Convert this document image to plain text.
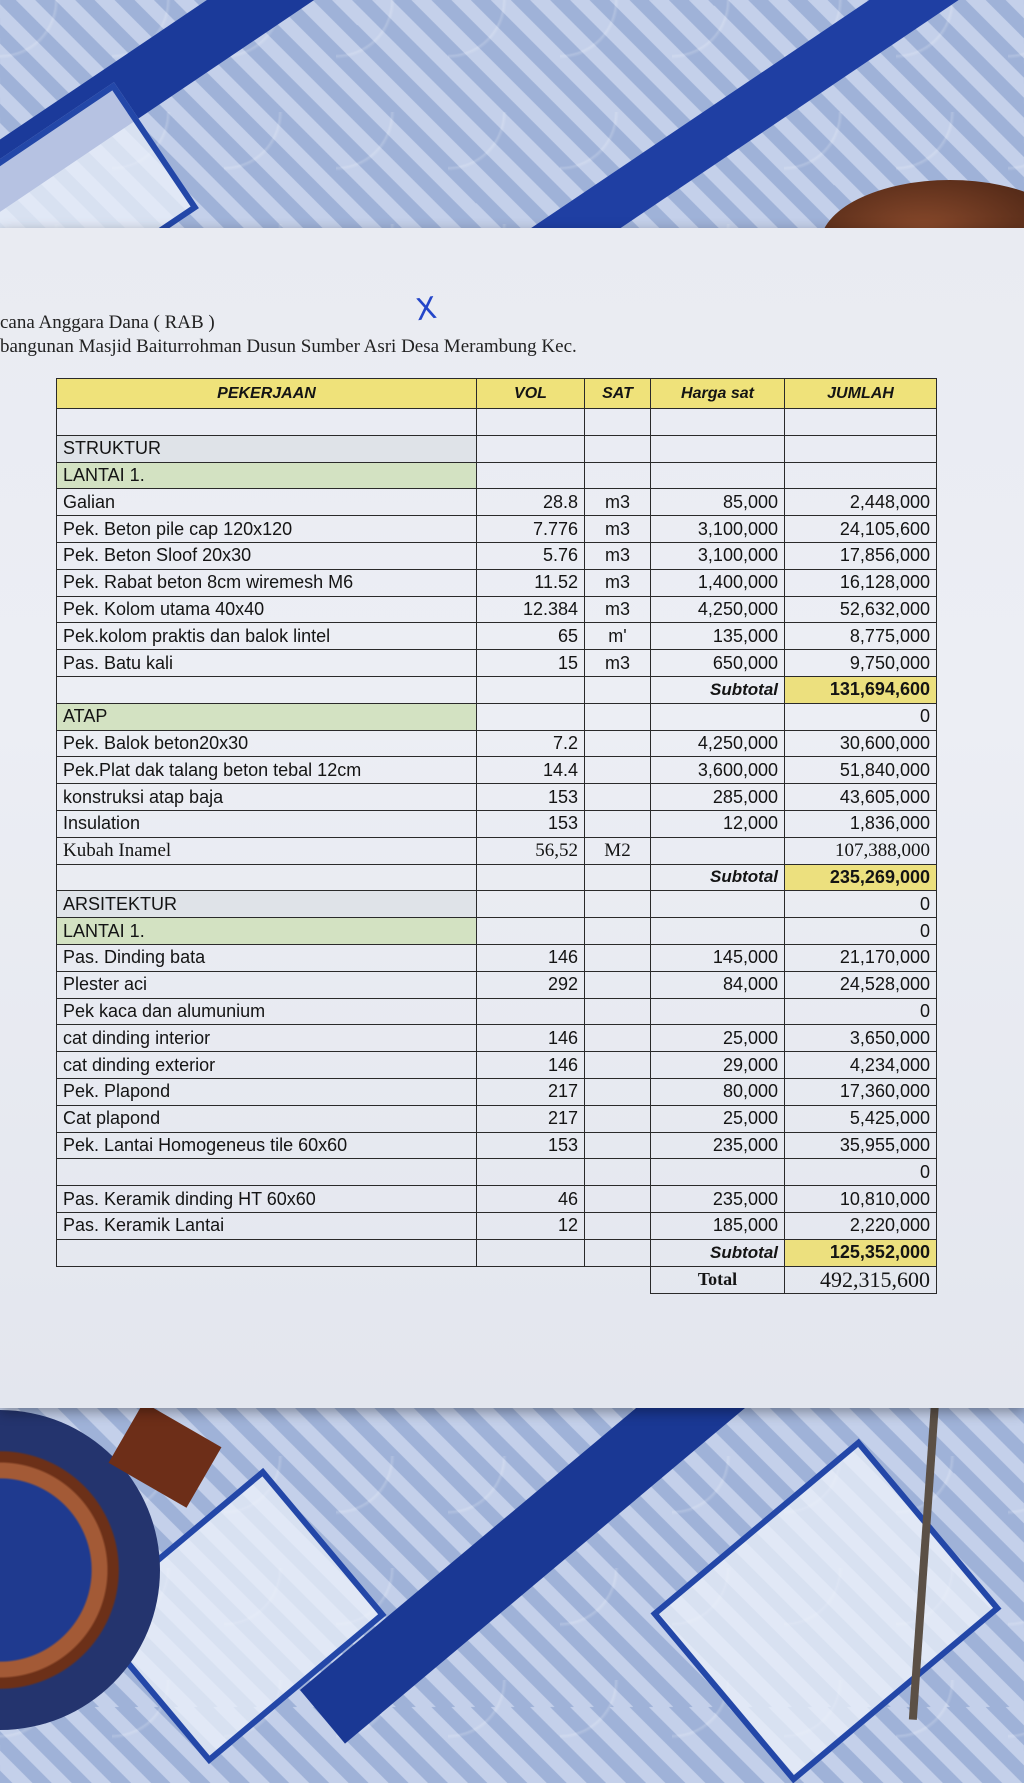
cana Anggara Dana ( RAB )
bangunan Masjid Baiturrohman Dusun Sumber Asri Desa Merambung Kec.
X
PEKERJAAN	VOL	SAT	Harga sat	JUMLAH

STRUKTUR				
LANTAI 1.				
Galian	28.8	m3	85,000	2,448,000
Pek. Beton pile cap 120x120	7.776	m3	3,100,000	24,105,600
Pek. Beton Sloof 20x30	5.76	m3	3,100,000	17,856,000
Pek. Rabat beton 8cm wiremesh M6	11.52	m3	1,400,000	16,128,000
Pek. Kolom utama 40x40	12.384	m3	4,250,000	52,632,000
Pek.kolom praktis dan balok lintel	65	m'	135,000	8,775,000
Pas. Batu kali	15	m3	650,000	9,750,000
			Subtotal	131,694,600
ATAP				0
Pek. Balok beton20x30	7.2		4,250,000	30,600,000
Pek.Plat dak talang beton tebal 12cm	14.4		3,600,000	51,840,000
konstruksi atap baja	153		285,000	43,605,000
Insulation	153		12,000	1,836,000
Kubah Inamel	56,52	M2		107,388,000
			Subtotal	235,269,000
ARSITEKTUR				0
LANTAI 1.				0
Pas. Dinding bata	146		145,000	21,170,000
Plester aci	292		84,000	24,528,000
Pek kaca dan alumunium				0
cat dinding interior	146		25,000	3,650,000
cat dinding exterior	146		29,000	4,234,000
Pek. Plapond	217		80,000	17,360,000
Cat plapond	217		25,000	5,425,000
Pek. Lantai Homogeneus tile 60x60	153		235,000	35,955,000
				0
Pas. Keramik dinding HT 60x60	46		235,000	10,810,000
Pas. Keramik Lantai	12		185,000	2,220,000
			Subtotal	125,352,000
			Total	492,315,600
